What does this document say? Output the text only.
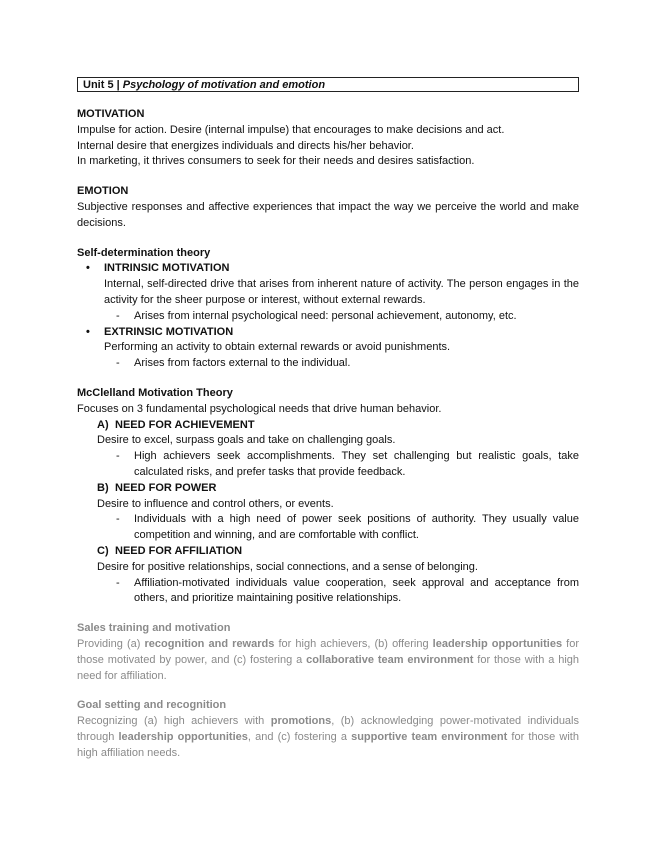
Unit 5 | Psychology of motivation and emotion

MOTIVATION

Impulse for action. Desire (internal impulse) that encourages to make decisions and act.

Internal desire that energizes individuals and directs his/her behavior.

In marketing, it thrives consumers to seek for their needs and desires satisfaction.

EMOTION

Subjective responses and affective experiences that impact the way we perceive the world and make decisions.

Self-determination theory

• INTRINSIC MOTIVATION

Internal, self-directed drive that arises from inherent nature of activity. The person engages in the activity for the sheer purpose or interest, without external rewards.

- Arises from internal psychological need: personal achievement, autonomy, etc.

• EXTRINSIC MOTIVATION

Performing an activity to obtain external rewards or avoid punishments.

- Arises from factors external to the individual.

McClelland Motivation Theory

Focuses on 3 fundamental psychological needs that drive human behavior.

A) NEED FOR ACHIEVEMENT

Desire to excel, surpass goals and take on challenging goals.

- High achievers seek accomplishments. They set challenging but realistic goals, take calculated risks, and prefer tasks that provide feedback.

B) NEED FOR POWER

Desire to influence and control others, or events.

- Individuals with a high need of power seek positions of authority. They usually value competition and winning, and are comfortable with conflict.

C) NEED FOR AFFILIATION

Desire for positive relationships, social connections, and a sense of belonging.

- Affiliation-motivated individuals value cooperation, seek approval and acceptance from others, and prioritize maintaining positive relationships.

Sales training and motivation

Providing (a) recognition and rewards for high achievers, (b) offering leadership opportunities for those motivated by power, and (c) fostering a collaborative team environment for those with a high need for affiliation.

Goal setting and recognition

Recognizing (a) high achievers with promotions, (b) acknowledging power-motivated individuals through leadership opportunities, and (c) fostering a supportive team environment for those with high affiliation needs.
